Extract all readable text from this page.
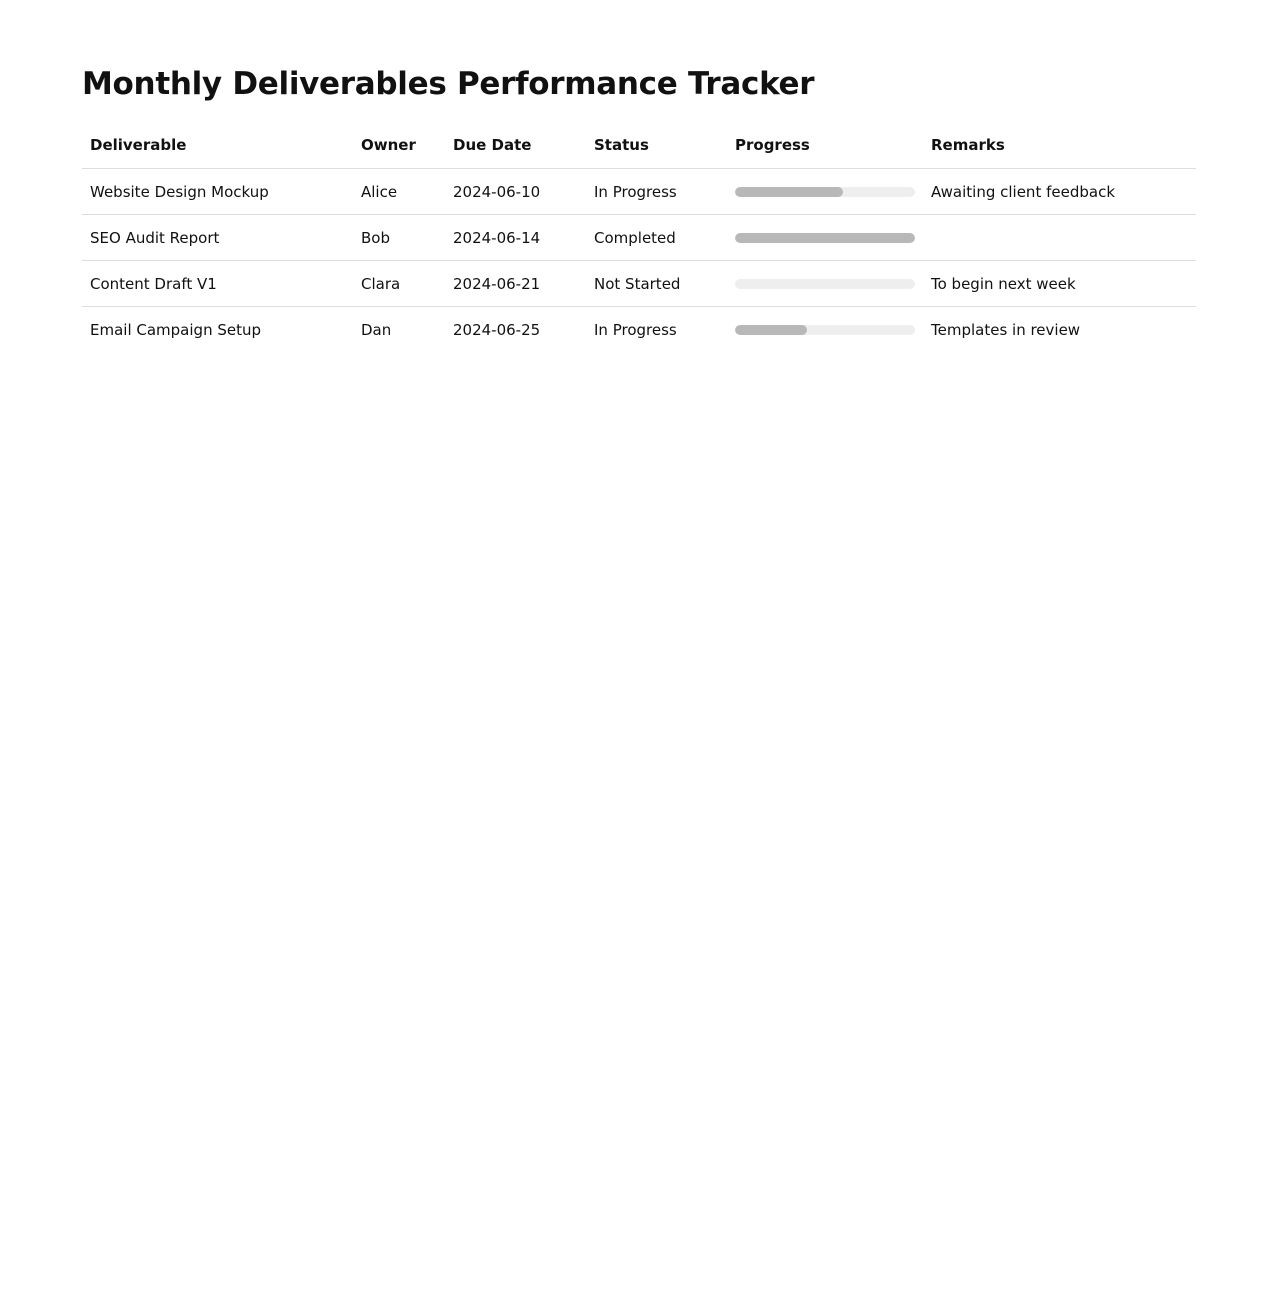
Monthly Deliverables Performance Tracker
Deliverable	Owner	Due Date	Status	Progress	Remarks
Website Design Mockup	Alice	2024-06-10	In Progress		Awaiting client feedback
SEO Audit Report	Bob	2024-06-14	Completed	

Content Draft V1	Clara	2024-06-21	Not Started		To begin next week
Email Campaign Setup	Dan	2024-06-25	In Progress		Templates in review
